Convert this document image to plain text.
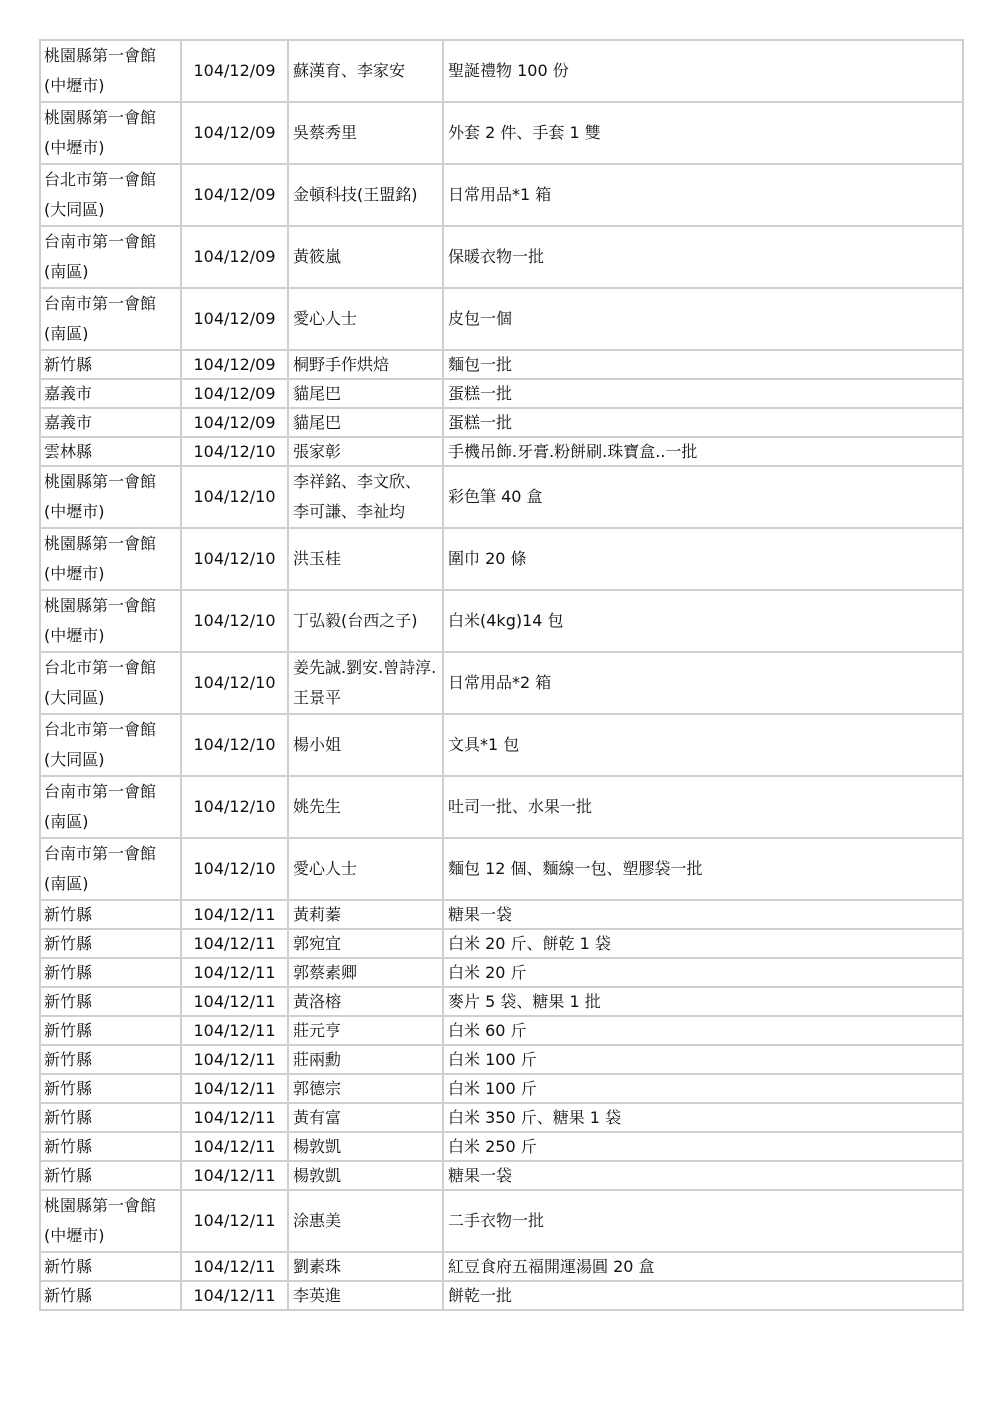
桃園縣第一會館
(中壢市)	104/12/09	蘇漢育、李家安	聖誕禮物 100 份

桃園縣第一會館
(中壢市)	104/12/09	吳蔡秀里	外套 2 件、手套 1 雙

台北市第一會館
(大同區)	104/12/09	金頓科技(王盟銘)	日常用品*1 箱

台南市第一會館
(南區)	104/12/09	黃筱嵐	保暖衣物一批

台南市第一會館
(南區)	104/12/09	愛心人士	皮包一個

新竹縣	104/12/09	桐野手作烘焙	麵包一批

嘉義市	104/12/09	貓尾巴	蛋糕一批

嘉義市	104/12/09	貓尾巴	蛋糕一批

雲林縣	104/12/10	張家彰	手機吊飾.牙膏.粉餅刷.珠寶盒..一批

桃園縣第一會館
(中壢市)	104/12/10	李祥銘、李文欣、
李可謙、李祉均	彩色筆 40 盒

桃園縣第一會館
(中壢市)	104/12/10	洪玉桂	圍巾 20 條

桃園縣第一會館
(中壢市)	104/12/10	丁弘毅(台西之子)	白米(4kg)14 包

台北市第一會館
(大同區)	104/12/10	姜先誠.劉安.曾詩淳.
王景平	日常用品*2 箱

台北市第一會館
(大同區)	104/12/10	楊小姐	文具*1 包

台南市第一會館
(南區)	104/12/10	姚先生	吐司一批、水果一批

台南市第一會館
(南區)	104/12/10	愛心人士	麵包 12 個、麵線一包、塑膠袋一批

新竹縣	104/12/11	黃莉蓁	糖果一袋

新竹縣	104/12/11	郭宛宜	白米 20 斤、餅乾 1 袋

新竹縣	104/12/11	郭蔡素卿	白米 20 斤

新竹縣	104/12/11	黃洛榕	麥片 5 袋、糖果 1 批

新竹縣	104/12/11	莊元亨	白米 60 斤

新竹縣	104/12/11	莊兩勳	白米 100 斤

新竹縣	104/12/11	郭德宗	白米 100 斤

新竹縣	104/12/11	黃有富	白米 350 斤、糖果 1 袋

新竹縣	104/12/11	楊敦凱	白米 250 斤

新竹縣	104/12/11	楊敦凱	糖果一袋

桃園縣第一會館
(中壢市)	104/12/11	涂惠美	二手衣物一批

新竹縣	104/12/11	劉素珠	紅豆食府五福開運湯圓 20 盒

新竹縣	104/12/11	李英進	餅乾一批
